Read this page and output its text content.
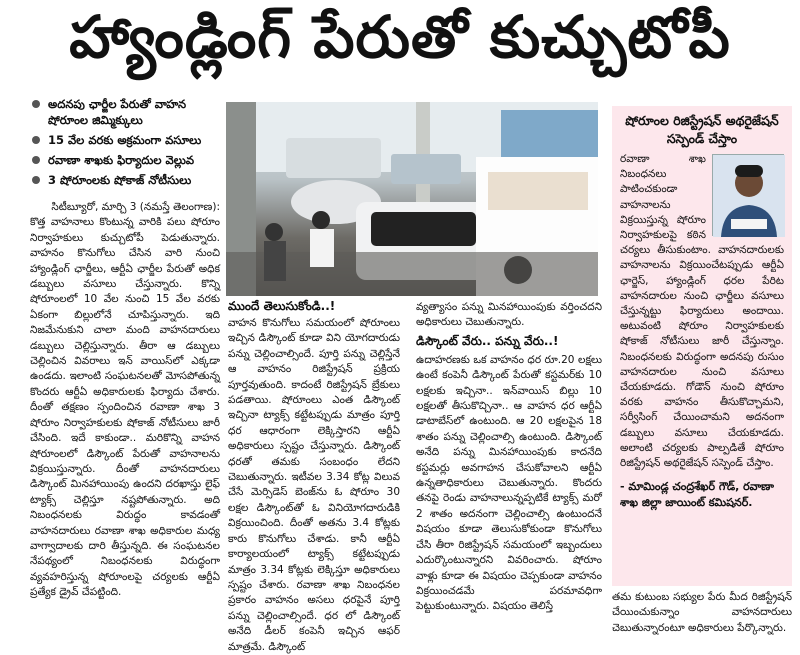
హ్యాండ్లింగ్ పేరుతో కుచ్చుటోపీ
అదనపు ఛార్జీల పేరుతో వాహన షోరూంల జిమ్మిక్కులు
15 వేల వరకు అక్రమంగా వసూలు
రవాణా శాఖకు ఫిర్యాదుల వెల్లువ
3 షోరూంలకు షోకాజ్ నోటీసులు

సిటీబ్యూరో, మార్చి 3 (నమస్తే తెలంగాణ):

కొత్త వాహనాలు కొంటున్న వారికి పలు షోరూం నిర్వాహకులు కుచ్చుటోపీ పెడుతున్నారు. వాహనం కొనుగోలు చేసిన వారి నుంచి హ్యాండ్లింగ్ ఛార్జీలు, ఆర్టీఏ ఛార్జీల పేరుతో అధిక డబ్బులు వసూలు చేస్తున్నారు. కొన్ని షోరూంలలో 10 వేల నుంచి 15 వేల వరకు ఏకంగా బిల్లులోనే చూపిస్తున్నారు. ఇది నిజమేనుకుని చాలా మంది వాహనదారులు డబ్బులు చెల్లిస్తున్నారు. తీరా ఆ డబ్బులు చెల్లించిన వివరాలు ఇన్ వాయిస్‌లో ఎక్కడా ఉండదు. ఇలాంటి సంఘటనలతో మోసపోతున్న కొందరు ఆర్టీఏ అధికారులకు ఫిర్యాదు చేశారు. దీంతో తక్షణం స్పందించిన రవాణా శాఖ 3 షోరూం నిర్వాహకులకు షోకాజ్ నోటీసులు జారీ చేసింది. ఇదే కాకుండా.. మరికొన్ని వాహన షోరూంలలో డిస్కౌంట్ పేరుతో వాహనాలను విక్రయిస్తున్నారు. దీంతో వాహనదారులు డిస్కౌంట్ మినహాయింపు ఉందని దరఖాస్తు లైఫ్ ట్యాక్స్ చెల్లిస్తూ నష్టపోతున్నారు. అది నిబంధనలకు విరుద్ధం కావడంతో వాహనదారులు రవాణా శాఖ అధికారుల మధ్య వాగ్వాదాలకు దారి తీస్తున్నది. ఈ సంఘటనల నేపథ్యంలో నిబంధనలకు విరుద్ధంగా వ్యవహరిస్తున్న షోరూంలపై చర్యలకు ఆర్టీఏ ప్రత్యేక డ్రైవ్ చేపట్టింది.

ముందే తెలుసుకోండి..!

వాహన కొనుగోలు సమయంలో షోరూంలు ఇచ్చిన డిస్కౌంట్ కూడా విని యోగదారుడు పన్ను చెల్లించాల్సిందే. పూర్తి పన్ను చెల్లిస్తేనే ఆ వాహనం రిజిస్ట్రేషన్ ప్రక్రియ పూర్తవుతుంది. కాదంటే రిజిస్ట్రేషన్ బ్రేకులు పడతాయి. షోరూంలు ఎంత డిస్కౌంట్ ఇచ్చినా ట్యాక్స్ కట్టేటప్పుడు మాత్రం పూర్తి ధర ఆధారంగా లెక్కిస్తారని ఆర్టీఏ అధికారులు స్పష్టం చేస్తున్నారు. డిస్కౌంట్ ధరతో తమకు సంబంధం లేదని చెబుతున్నారు. ఇటీవల 3.34 కోట్ల విలువ చేసే మెర్సిడెస్ బెంజ్‌ను ఓ షోరూం 30 లక్షల డిస్కౌంట్‌తో ఓ వినియోగదారుడికి విక్రయించింది. దీంతో అతను 3.4 కోట్లకు కారు కొనుగోలు చేశాడు. కానీ ఆర్టీఏ కార్యాలయంలో ట్యాక్స్ కట్టేటప్పుడు మాత్రం 3.34 కోట్లకు లెక్కిస్తూ అధికారులు స్పష్టం చేశారు. రవాణా శాఖ నిబంధనల ప్రకారం వాహనం అసలు ధరపైనే పూర్తి పన్ను చెల్లించాల్సిందే. ధర లో డిస్కౌంట్ అనేది డీలర్ కంపెనీ ఇచ్చిన ఆఫర్ మాత్రమే. డిస్కౌంట్

వ్యత్యాసం పన్ను మినహాయింపుకు వర్తించదని అధికారులు చెబుతున్నారు.

డిస్కౌంట్ వేరు.. పన్ను వేరు..!

ఉదాహరణకు ఒక వాహనం ధర రూ.20 లక్షలు ఉంటే కంపెనీ డిస్కౌంట్ పేరుతో కస్టమర్‌కు 10 లక్షలకు ఇచ్చినా.. ఇన్‌వాయిస్ బిల్లు 10 లక్షలతో తీసుకొచ్చినా.. ఆ వాహన ధర ఆర్టీఏ డాటాబేస్‌లో ఉంటుంది. ఆ 20 లక్షలపైన 18 శాతం పన్ను చెల్లించాల్సి ఉంటుంది. డిస్కౌంట్ అనేది పన్ను మినహాయింపుకు కాదనేది కస్టమర్లు అవగాహన చేసుకోవాలని ఆర్టీఏ ఉన్నతాధికారులు చెబుతున్నారు. కొందరు తనపై రెండు వాహనాలున్నప్పటికే ట్యాక్స్ మరో 2 శాతం అదనంగా చెల్లించాల్సి ఉంటుందనే విషయం కూడా తెలుసుకోకుండా కొనుగోలు చేసి తీరా రిజిస్ట్రేషన్ సమయంలో ఇబ్బందులు ఎదుర్కొంటున్నారని వివరించారు. షోరూం వాళ్లు కూడా ఈ విషయం చెప్పకుండా వాహనం విక్రయించడమే పరమావధిగా పెట్టుకుంటున్నారు. విషయం తెలిస్తే

షోరూంల రిజిస్ట్రేషన్ అథరైజేషన్ సస్పెండ్ చేస్తాం
రవాణా శాఖ నిబంధనలు పాటించకుండా వాహనాలను విక్రయిస్తున్న షోరూం నిర్వాహకులపై కఠిన చర్యలు తీసుకుంటాం. వాహనదారులకు వాహనాలను విక్రయించేటప్పుడు ఆర్టీఏ ఛార్జెస్, హ్యాండ్లింగ్ ధరల పేరిట వాహనదారుల నుంచి ఛార్జీలు వసూలు చేస్తున్నట్టు ఫిర్యాదులు అందాయి. అటువంటి షోరూం నిర్వాహకులకు షోకాజ్ నోటీసులు జారీ చేస్తున్నాం. నిబంధనలకు విరుద్ధంగా అదనపు రుసుం వాహనదారుల నుంచి వసూలు చేయకూడదు. గోడౌన్ నుంచి షోరూం వరకు వాహనం తీసుకొచ్చామని, సర్వీసింగ్ చేయించామని అదనంగా డబ్బులు వసూలు చేయకూడదు. అలాంటి చర్యలకు పాల్పడితే షోరూం రిజిస్ట్రేషన్ అథరైజేషన్ సస్పెండ్ చేస్తాం.
- మామిండ్ల చంద్రశేఖర్ గౌడ్, రవాణా శాఖ జిల్లా జాయింట్ కమిషనర్.
తమ కుటుంబ సభ్యుల పేరు మీద రిజిస్ట్రేషన్ చేయించుకున్నాం వాహనదారులు చెబుతున్నారంటూ అధికారులు పేర్కొన్నారు.
